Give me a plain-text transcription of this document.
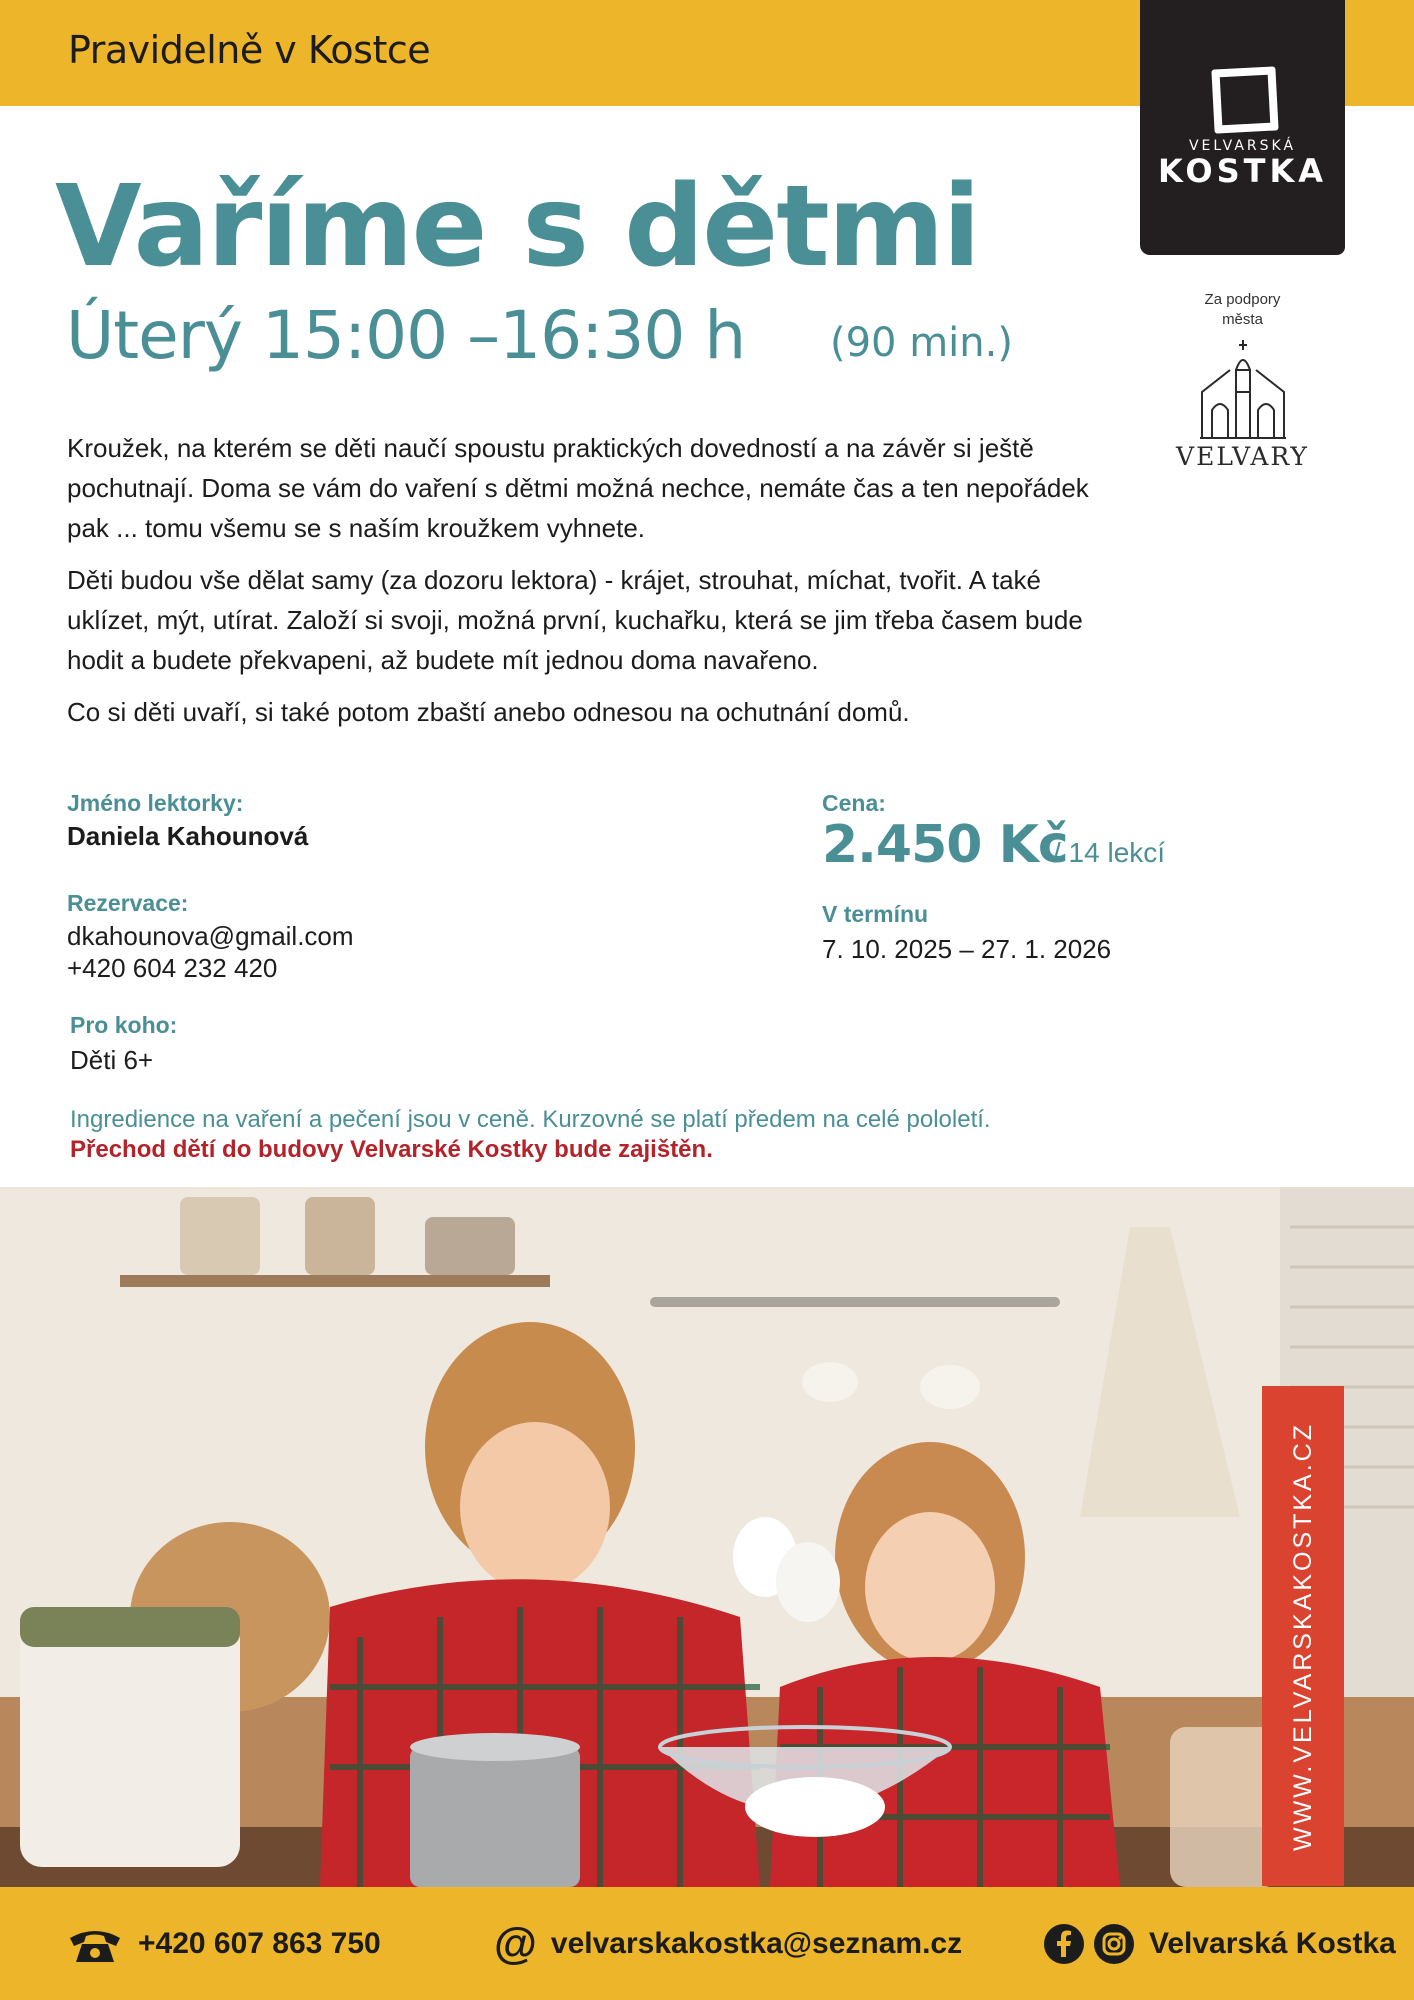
Pravidelně v Kostce
VELVARSKÁ
KOSTKA
Za podpory
města
VELVARY
Vaříme s dětmi
Úterý 15:00 –16:30 h (90 min.)

Kroužek, na kterém se děti naučí spoustu praktických dovedností a na závěr si ještě pochutnají. Doma se vám do vaření s dětmi možná nechce, nemáte čas a ten nepořádek pak ... tomu všemu se s naším kroužkem vyhnete.

Děti budou vše dělat samy (za dozoru lektora) - krájet, strouhat, míchat, tvořit. A také uklízet, mýt, utírat. Založí si svoji, možná první, kuchařku, která se jim třeba časem bude hodit a budete překvapeni, až budete mít jednou doma navařeno.

Co si děti uvaří, si také potom zbaští anebo odnesou na ochutnání domů.

Jméno lektorky:
Daniela Kahounová
Rezervace:
dkahounova@gmail.com
+420 604 232 420
Pro koho:
Děti 6+
Cena:
2.450 Kč
/ 14 lekcí
V termínu
7. 10. 2025 – 27. 1. 2026
Ingredience na vaření a pečení jsou v ceně. Kurzovné se platí předem na celé pololetí.
Přechod dětí do budovy Velvarské Kostky bude zajištěn.
WWW.VELVARSKAKOSTKA.CZ
+420 607 863 750	@ velvarskakostka@seznam.cz	Velvarská Kostka
